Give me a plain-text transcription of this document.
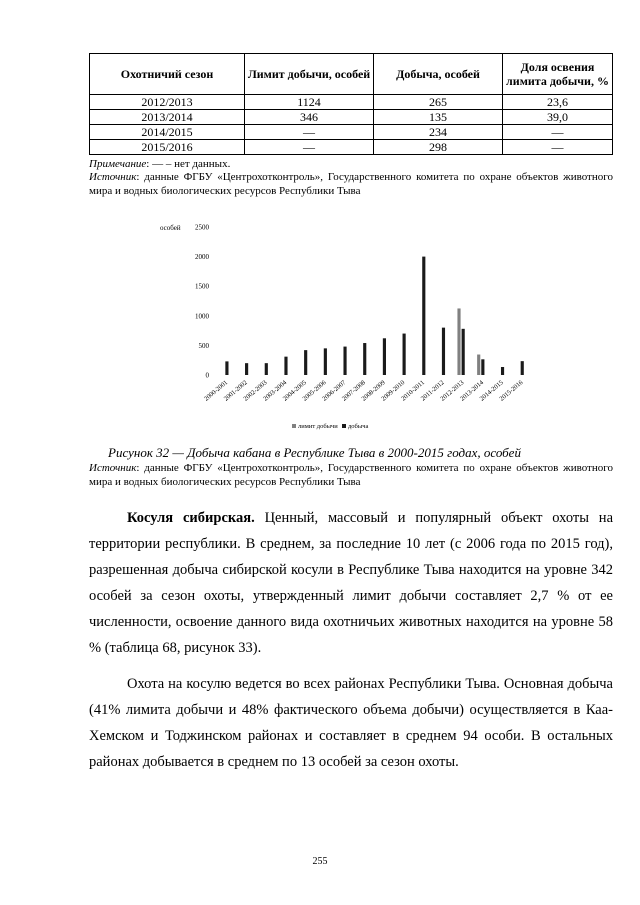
Охотничий сезон	Лимит добычи, особей	Добыча, особей	Доля освения лимита добычи, %
2012/2013	1124	265	23,6
2013/2014	346	135	39,0
2014/2015	—	234	—
2015/2016	—	298	—
Примечание: — – нет данных.
Источник: данные ФГБУ «Центрохотконтроль», Государственного комитета по охране объектов животного мира и водных биологических ресурсов Республики Тыва
особей
0
500
1000
1500
2000
2500
2000-2001
2001-2002
2002-2003
2003-2004
2004-2005
2005-2006
2006-2007
2007-2008
2008-2009
2009-2010
2010-2011
2011-2012
2012-2013
2013-2014
2014-2015
2015-2016
лимит добычи добыча
Рисунок 32 — Добыча кабана в Республике Тыва в 2000-2015 годах, особей
Источник: данные ФГБУ «Центрохотконтроль», Государственного комитета по охране объектов животного мира и водных биологических ресурсов Республики Тыва

Косуля сибирская. Ценный, массовый и популярный объект охоты на территории республики. В среднем, за последние 10 лет (с 2006 года по 2015 год), разрешенная добыча сибирской косули в Республике Тыва находится на уровне 342 особей за сезон охоты, утвержденный лимит добычи составляет 2,7 % от ее численности, освоение данного вида охотничьих животных находится на уровне 58 % (таблица 68, рисунок 33).

Охота на косулю ведется во всех районах Республики Тыва. Основная добыча (41% лимита добычи и 48% фактического объема добычи) осуществляется в Каа-Хемском и Тоджинском районах и составляет в среднем 94 особи. В остальных районах добывается в среднем по 13 особей за сезон охоты.

255
